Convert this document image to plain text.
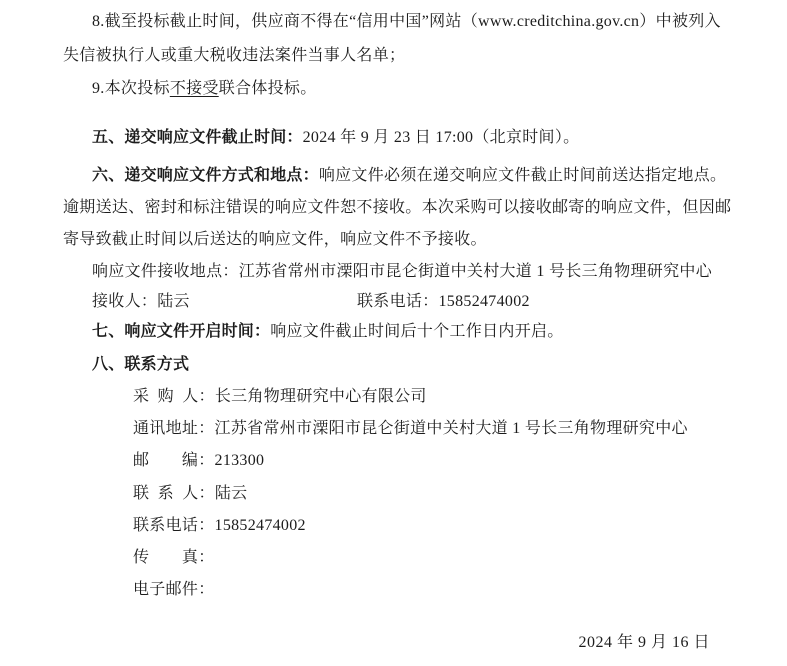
8.截至投标截止时间，供应商不得在“信用中国”网站（www.creditchina.gov.cn）中被列入
失信被执行人或重大税收违法案件当事人名单；
9.本次投标不接受联合体投标。
五、递交响应文件截止时间：2024 年 9 月 23 日 17:00（北京时间）。
六、递交响应文件方式和地点：响应文件必须在递交响应文件截止时间前送达指定地点。
逾期送达、密封和标注错误的响应文件恕不接收。本次采购可以接收邮寄的响应文件，但因邮
寄导致截止时间以后送达的响应文件，响应文件不予接收。
响应文件接收地点：江苏省常州市溧阳市昆仑街道中关村大道 1 号长三角物理研究中心
接收人：陆云	联系电话：15852474002
七、响应文件开启时间：响应文件截止时间后十个工作日内开启。
八、联系方式
采 购 人：长三角物理研究中心有限公司
通讯地址：江苏省常州市溧阳市昆仑街道中关村大道 1 号长三角物理研究中心
邮　　编：213300
联 系 人：陆云
联系电话：15852474002
传　　真：
电子邮件：
2024 年 9 月 16 日
